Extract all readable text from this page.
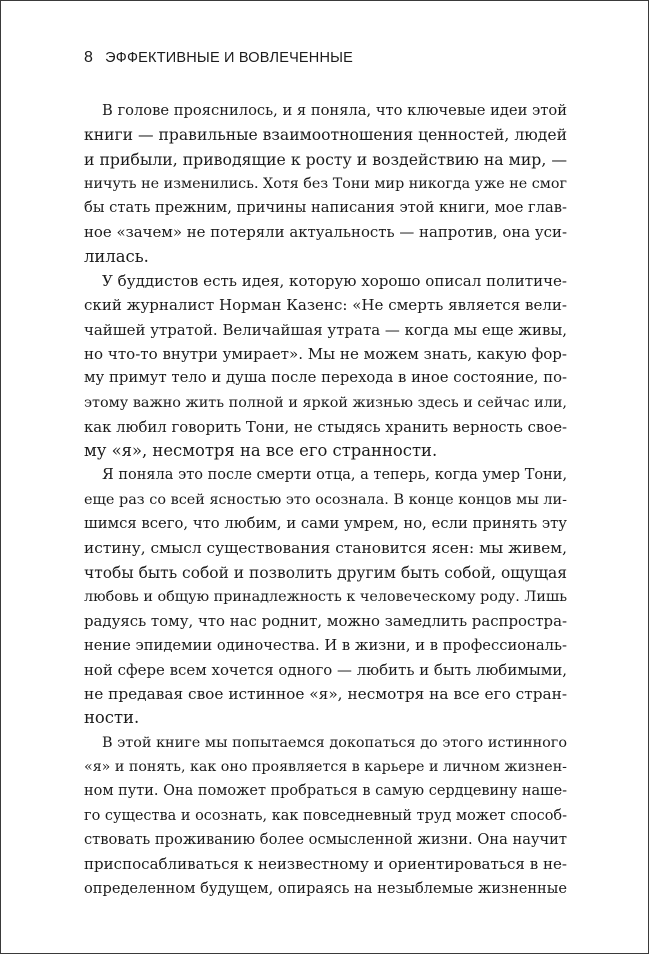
8 ЭФФЕКТИВНЫЕ И ВОВЛЕЧЕННЫЕ
В голове прояснилось, и я поняла, что ключевые идеи этой
книги — правильные взаимоотношения ценностей, людей
и прибыли, приводящие к росту и воздействию на мир, —
ничуть не изменились. Хотя без Тони мир никогда уже не смог
бы стать прежним, причины написания этой книги, мое глав-
ное «зачем» не потеряли актуальность — напротив, она уси-
лилась.
У буддистов есть идея, которую хорошо описал политиче-
ский журналист Норман Казенс: «Не смерть является вели-
чайшей утратой. Величайшая утрата — когда мы еще живы,
но что-то внутри умирает». Мы не можем знать, какую фор-
му примут тело и душа после перехода в иное состояние, по-
этому важно жить полной и яркой жизнью здесь и сейчас или,
как любил говорить Тони, не стыдясь хранить верность свое-
му «я», несмотря на все его странности.
Я поняла это после смерти отца, а теперь, когда умер Тони,
еще раз со всей ясностью это осознала. В конце концов мы ли-
шимся всего, что любим, и сами умрем, но, если принять эту
истину, смысл существования становится ясен: мы живем,
чтобы быть собой и позволить другим быть собой, ощущая
любовь и общую принадлежность к человеческому роду. Лишь
радуясь тому, что нас роднит, можно замедлить распростра-
нение эпидемии одиночества. И в жизни, и в профессиональ-
ной сфере всем хочется одного — любить и быть любимыми,
не предавая свое истинное «я», несмотря на все его стран-
ности.
В этой книге мы попытаемся докопаться до этого истинного
«я» и понять, как оно проявляется в карьере и личном жизнен-
ном пути. Она поможет пробраться в самую сердцевину наше-
го существа и осознать, как повседневный труд может способ-
ствовать проживанию более осмысленной жизни. Она научит
приспосабливаться к неизвестному и ориентироваться в не-
определенном будущем, опираясь на незыблемые жизненные
